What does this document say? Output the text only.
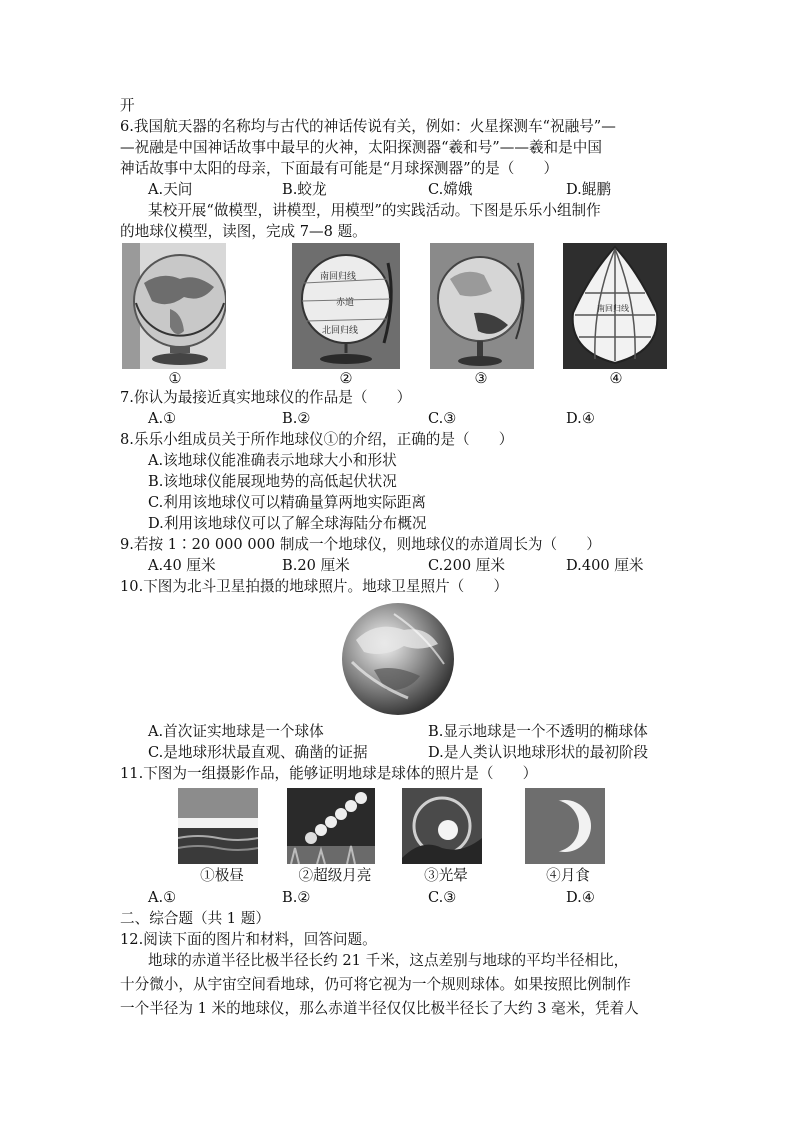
开
6.我国航天器的名称均与古代的神话传说有关，例如：火星探测车“祝融号”—
—祝融是中国神话故事中最早的火神，太阳探测器“羲和号”——羲和是中国
神话故事中太阳的母亲，下面最有可能是“月球探测器”的是（　　）
A.天问	B.蛟龙	C.嫦娥	D.鲲鹏
某校开展“做模型，讲模型，用模型”的实践活动。下图是乐乐小组制作
的地球仪模型，读图，完成 7—8 题。
南回归线
赤道
北回归线
南回归线
①	②	③	④
7.你认为最接近真实地球仪的作品是（　　）
A.①	B.②	C.③	D.④
8.乐乐小组成员关于所作地球仪①的介绍，正确的是（　　）
A.该地球仪能准确表示地球大小和形状
B.该地球仪能展现地势的高低起伏状况
C.利用该地球仪可以精确量算两地实际距离
D.利用该地球仪可以了解全球海陆分布概况
9.若按 1∶20 000 000 制成一个地球仪，则地球仪的赤道周长为（　　）
A.40 厘米	B.20 厘米	C.200 厘米	D.400 厘米
10.下图为北斗卫星拍摄的地球照片。地球卫星照片（　　）
A.首次证实地球是一个球体	B.显示地球是一个不透明的椭球体
C.是地球形状最直观、确凿的证据	D.是人类认识地球形状的最初阶段
11.下图为一组摄影作品，能够证明地球是球体的照片是（　　）
①极昼	②超级月亮	③光晕	④月食
A.①	B.②	C.③	D.④
二、综合题（共 1 题）
12.阅读下面的图片和材料，回答问题。
地球的赤道半径比极半径长约 21 千米，这点差别与地球的平均半径相比，
十分微小，从宇宙空间看地球，仍可将它视为一个规则球体。如果按照比例制作
一个半径为 1 米的地球仪，那么赤道半径仅仅比极半径长了大约 3 毫米，凭着人
